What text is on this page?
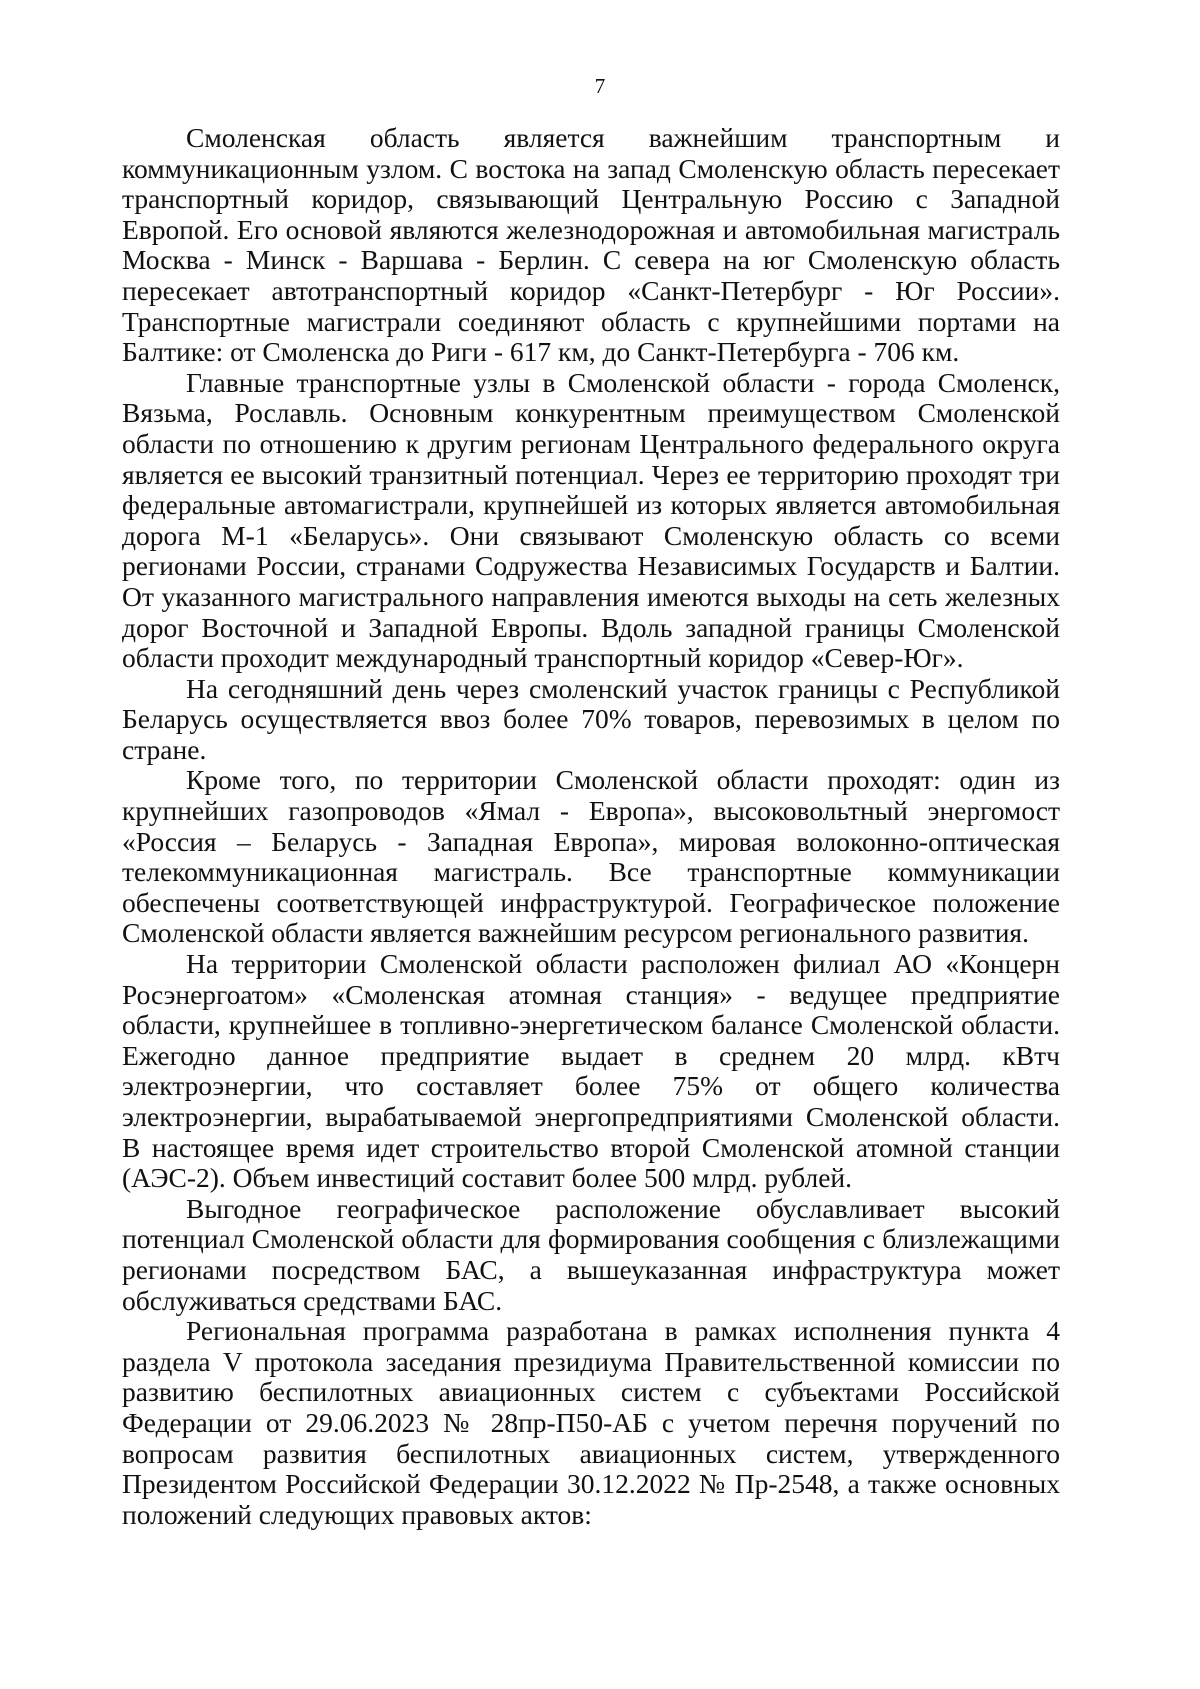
7

Смоленская область является важнейшим транспортным и коммуникационным узлом. С востока на запад Смоленскую область пересекает транспортный коридор, связывающий Центральную Россию с Западной Европой. Его основой являются железнодорожная и автомобильная магистраль Москва - Минск - Варшава - Берлин. С севера на юг Смоленскую область пересекает автотранспортный коридор «Санкт-Петербург - Юг России». Транспортные магистрали соединяют область с крупнейшими портами на Балтике: от Смоленска до Риги - 617 км, до Санкт-Петербурга - 706 км.

Главные транспортные узлы в Смоленской области - города Смоленск, Вязьма, Рославль. Основным конкурентным преимуществом Смоленской области по отношению к другим регионам Центрального федерального округа является ее высокий транзитный потенциал. Через ее территорию проходят три федеральные автомагистрали, крупнейшей из которых является автомобильная дорога М-1 «Беларусь». Они связывают Смоленскую область со всеми регионами России, странами Содружества Независимых Государств и Балтии. От указанного магистрального направления имеются выходы на сеть железных дорог Восточной и Западной Европы. Вдоль западной границы Смоленской области проходит международный транспортный коридор «Север-Юг».

На сегодняшний день через смоленский участок границы с Республикой Беларусь осуществляется ввоз более 70% товаров, перевозимых в целом по стране.

Кроме того, по территории Смоленской области проходят: один из крупнейших газопроводов «Ямал - Европа», высоковольтный энергомост «Россия – Беларусь - Западная Европа», мировая волоконно-оптическая телекоммуникационная магистраль. Все транспортные коммуникации обеспечены соответствующей инфраструктурой. Географическое положение Смоленской области является важнейшим ресурсом регионального развития.

На территории Смоленской области расположен филиал АО «Концерн Росэнергоатом» «Смоленская атомная станция» - ведущее предприятие области, крупнейшее в топливно-энергетическом балансе Смоленской области. Ежегодно данное предприятие выдает в среднем 20 млрд. кВтч электроэнергии, что составляет более 75% от общего количества электроэнергии, вырабатываемой энергопредприятиями Смоленской области. В настоящее время идет строительство второй Смоленской атомной станции (АЭС-2). Объем инвестиций составит более 500 млрд. рублей.

Выгодное географическое расположение обуславливает высокий потенциал Смоленской области для формирования сообщения с близлежащими регионами посредством БАС, а вышеуказанная инфраструктура может обслуживаться средствами БАС.

Региональная программа разработана в рамках исполнения пункта 4 раздела V протокола заседания президиума Правительственной комиссии по развитию беспилотных авиационных систем с субъектами Российской Федерации от 29.06.2023 № 28пр-П50-АБ с учетом перечня поручений по вопросам развития беспилотных авиационных систем, утвержденного Президентом Российской Федерации 30.12.2022 № Пр-2548, а также основных положений следующих правовых актов:
